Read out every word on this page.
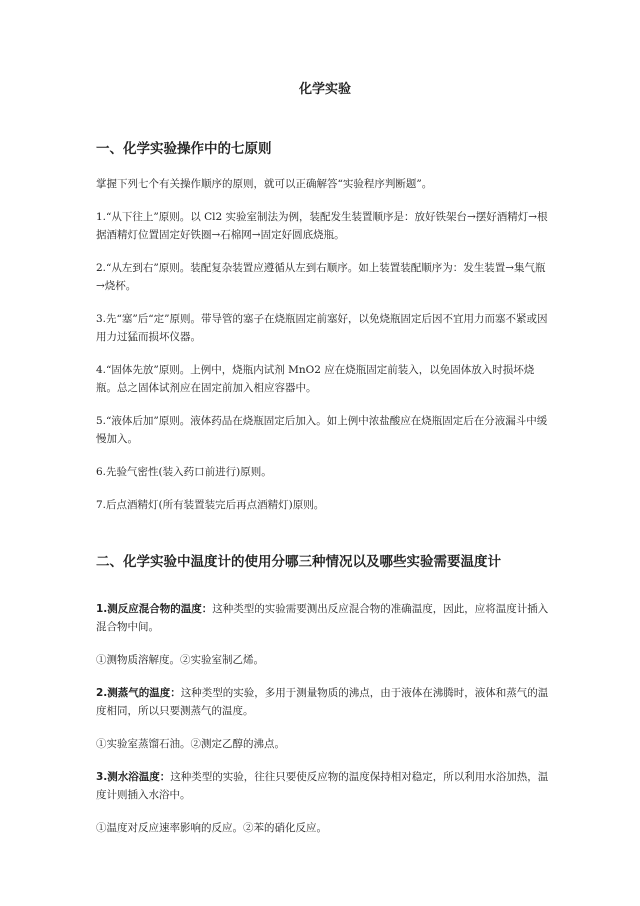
化学实验
一、化学实验操作中的七原则

掌握下列七个有关操作顺序的原则，就可以正确解答“实验程序判断题”。

1.“从下往上”原则。以 Cl2 实验室制法为例，装配发生装置顺序是：放好铁架台→摆好酒精灯→根据酒精灯位置固定好铁圈→石棉网→固定好圆底烧瓶。

2.“从左到右”原则。装配复杂装置应遵循从左到右顺序。如上装置装配顺序为：发生装置→集气瓶→烧杯。

3.先“塞”后“定”原则。带导管的塞子在烧瓶固定前塞好，以免烧瓶固定后因不宜用力而塞不紧或因用力过猛而损坏仪器。

4.“固体先放”原则。上例中，烧瓶内试剂 MnO2 应在烧瓶固定前装入，以免固体放入时损坏烧瓶。总之固体试剂应在固定前加入相应容器中。

5.“液体后加”原则。液体药品在烧瓶固定后加入。如上例中浓盐酸应在烧瓶固定后在分液漏斗中缓慢加入。

6.先验气密性(装入药口前进行)原则。

7.后点酒精灯(所有装置装完后再点酒精灯)原则。

二、化学实验中温度计的使用分哪三种情况以及哪些实验需要温度计

1.测反应混合物的温度：这种类型的实验需要测出反应混合物的准确温度，因此，应将温度计插入混合物中间。

①测物质溶解度。②实验室制乙烯。

2.测蒸气的温度：这种类型的实验，多用于测量物质的沸点，由于液体在沸腾时，液体和蒸气的温度相同，所以只要测蒸气的温度。

①实验室蒸馏石油。②测定乙醇的沸点。

3.测水浴温度：这种类型的实验，往往只要使反应物的温度保持相对稳定，所以利用水浴加热，温度计则插入水浴中。

①温度对反应速率影响的反应。②苯的硝化反应。
